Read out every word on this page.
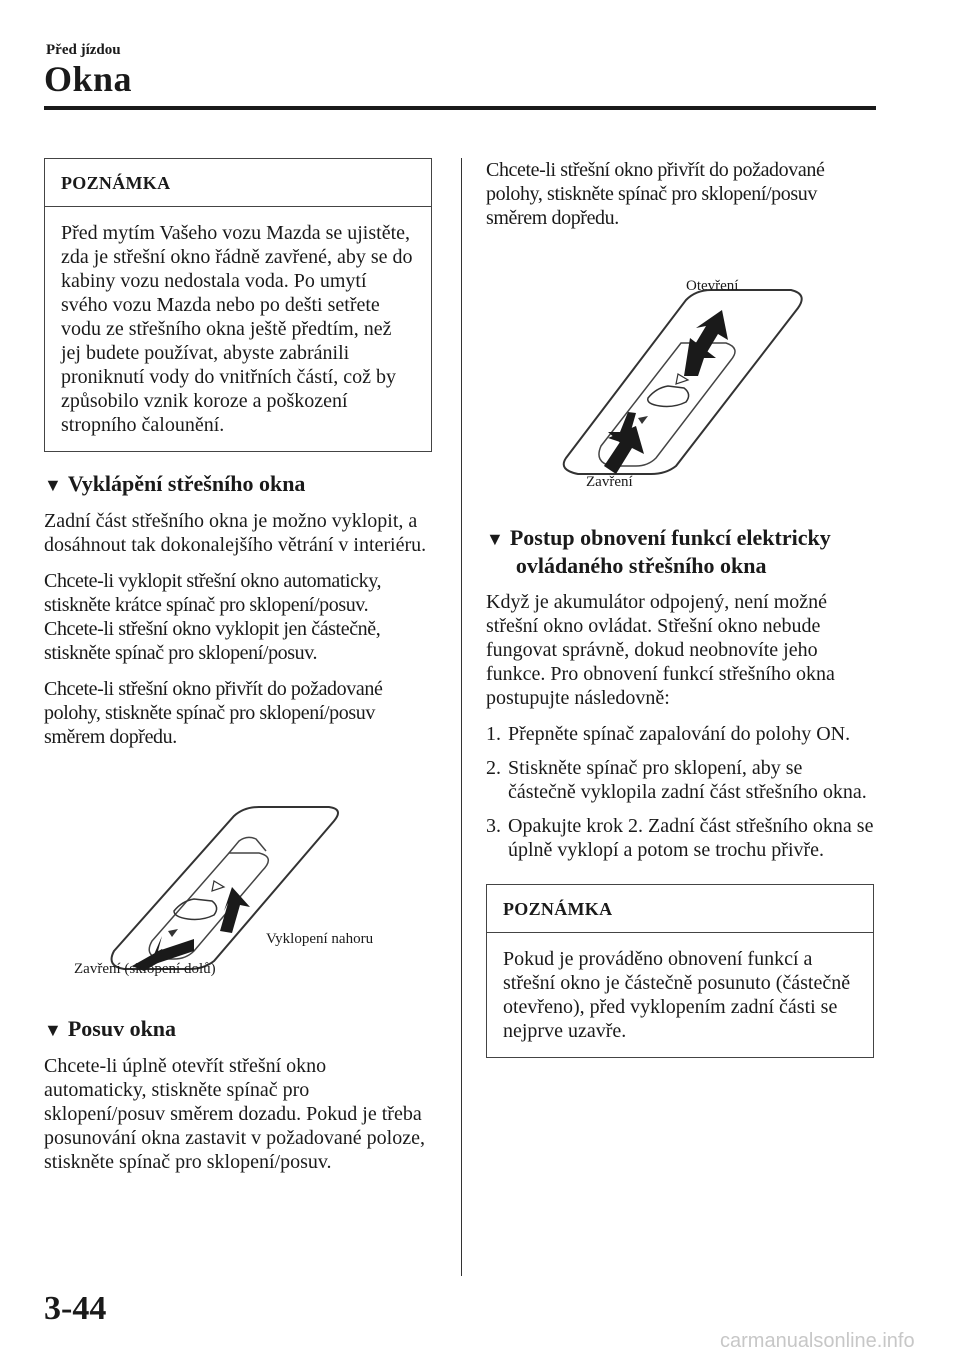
Před jízdou
Okna
POZNÁMKA
Před mytím Vašeho vozu Mazda se ujistěte, zda je střešní okno řádně zavřené, aby se do kabiny vozu nedostala voda. Po umytí svého vozu Mazda nebo po dešti setřete vodu ze střešního okna ještě předtím, než jej budete používat, abyste zabránili proniknutí vody do vnitřních částí, což by způsobilo vznik koroze a poškození stropního čalounění.
▼ Vyklápění střešního okna

Zadní část střešního okna je možno vyklopit, a dosáhnout tak dokonalejšího větrání v interiéru.

Chcete-li vyklopit střešní okno automaticky, stiskněte krátce spínač pro sklopení/posuv. Chcete-li střešní okno vyklopit jen částečně, stiskněte spínač pro sklopení/posuv.

Chcete-li střešní okno přivřít do požadované polohy, stiskněte spínač pro sklopení/posuv směrem dopředu.

Vyklopení nahoru
Zavření (sklopení dolů)
▼ Posuv okna

Chcete-li úplně otevřít střešní okno automaticky, stiskněte spínač pro sklopení/posuv směrem dozadu. Pokud je třeba posunování okna zastavit v požadované poloze, stiskněte spínač pro sklopení/posuv.

Chcete-li střešní okno přivřít do požadované polohy, stiskněte spínač pro sklopení/posuv směrem dopředu.

Otevření
Zavření
▼ Postup obnovení funkcí elektricky
ovládaného střešního okna

Když je akumulátor odpojený, není možné střešní okno ovládat. Střešní okno nebude fungovat správně, dokud neobnovíte jeho funkce. Pro obnovení funkcí střešního okna postupujte následovně:

1. Přepněte spínač zapalování do polohy ON.
2. Stiskněte spínač pro sklopení, aby se částečně vyklopila zadní část střešního okna.
3. Opakujte krok 2. Zadní část střešního okna se úplně vyklopí a potom se trochu přivře.
POZNÁMKA
Pokud je prováděno obnovení funkcí a střešní okno je částečně posunuto (částečně otevřeno), před vyklopením zadní části se nejprve uzavře.
3-44
carmanualsonline.info
